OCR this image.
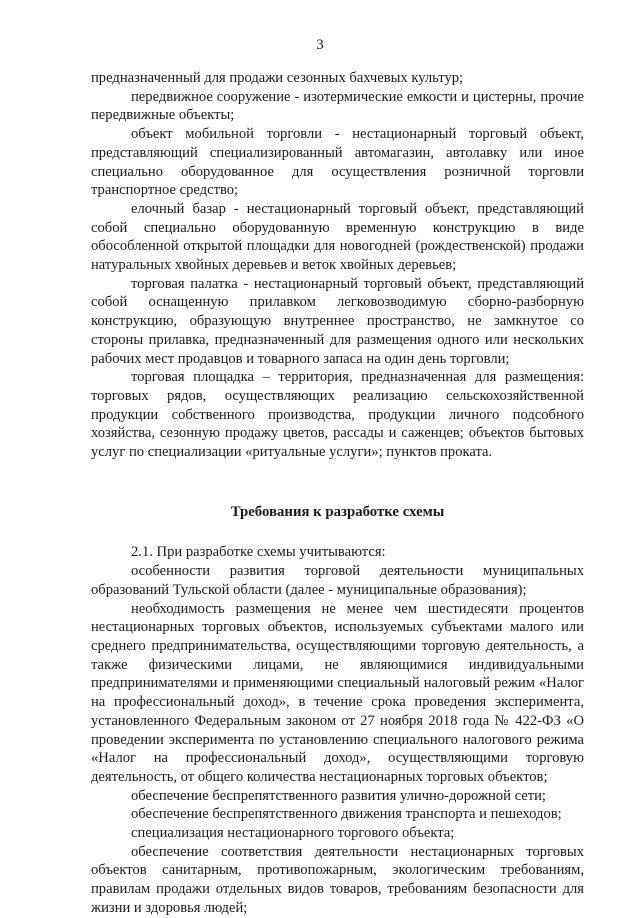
3

предназначенный для продажи сезонных бахчевых культур;

передвижное сооружение - изотермические емкости и цистерны, прочие передвижные объекты;

объект мобильной торговли - нестационарный торговый объект, представляющий специализированный автомагазин, автолавку или иное специально оборудованное для осуществления розничной торговли транспортное средство;

елочный базар - нестационарный торговый объект, представляющий собой специально оборудованную временную конструкцию в виде обособленной открытой площадки для новогодней (рождественской) продажи натуральных хвойных деревьев и веток хвойных деревьев;

торговая палатка - нестационарный торговый объект, представляющий собой оснащенную прилавком легковозводимую сборно-разборную конструкцию, образующую внутреннее пространство, не замкнутое со стороны прилавка, предназначенный для размещения одного или нескольких рабочих мест продавцов и товарного запаса на один день торговли;

торговая площадка – территория, предназначенная для размещения: торговых рядов, осуществляющих реализацию сельскохозяйственной продукции собственного производства, продукции личного подсобного хозяйства, сезонную продажу цветов, рассады и саженцев; объектов бытовых услуг по специализации «ритуальные услуги»; пунктов проката.

Требования к разработке схемы

2.1. При разработке схемы учитываются:

особенности развития торговой деятельности муниципальных образований Тульской области (далее - муниципальные образования);

необходимость размещения не менее чем шестидесяти процентов нестационарных торговых объектов, используемых субъектами малого или среднего предпринимательства, осуществляющими торговую деятельность, а также физическими лицами, не являющимися индивидуальными предпринимателями и применяющими специальный налоговый режим «Налог на профессиональный доход», в течение срока проведения эксперимента, установленного Федеральным законом от 27 ноября 2018 года № 422-ФЗ «О проведении эксперимента по установлению специального налогового режима «Налог на профессиональный доход», осуществляющими торговую деятельность, от общего количества нестационарных торговых объектов;

обеспечение беспрепятственного развития улично-дорожной сети;

обеспечение беспрепятственного движения транспорта и пешеходов;

специализация нестационарного торгового объекта;

обеспечение соответствия деятельности нестационарных торговых объектов санитарным, противопожарным, экологическим требованиям, правилам продажи отдельных видов товаров, требованиям безопасности для жизни и здоровья людей;
